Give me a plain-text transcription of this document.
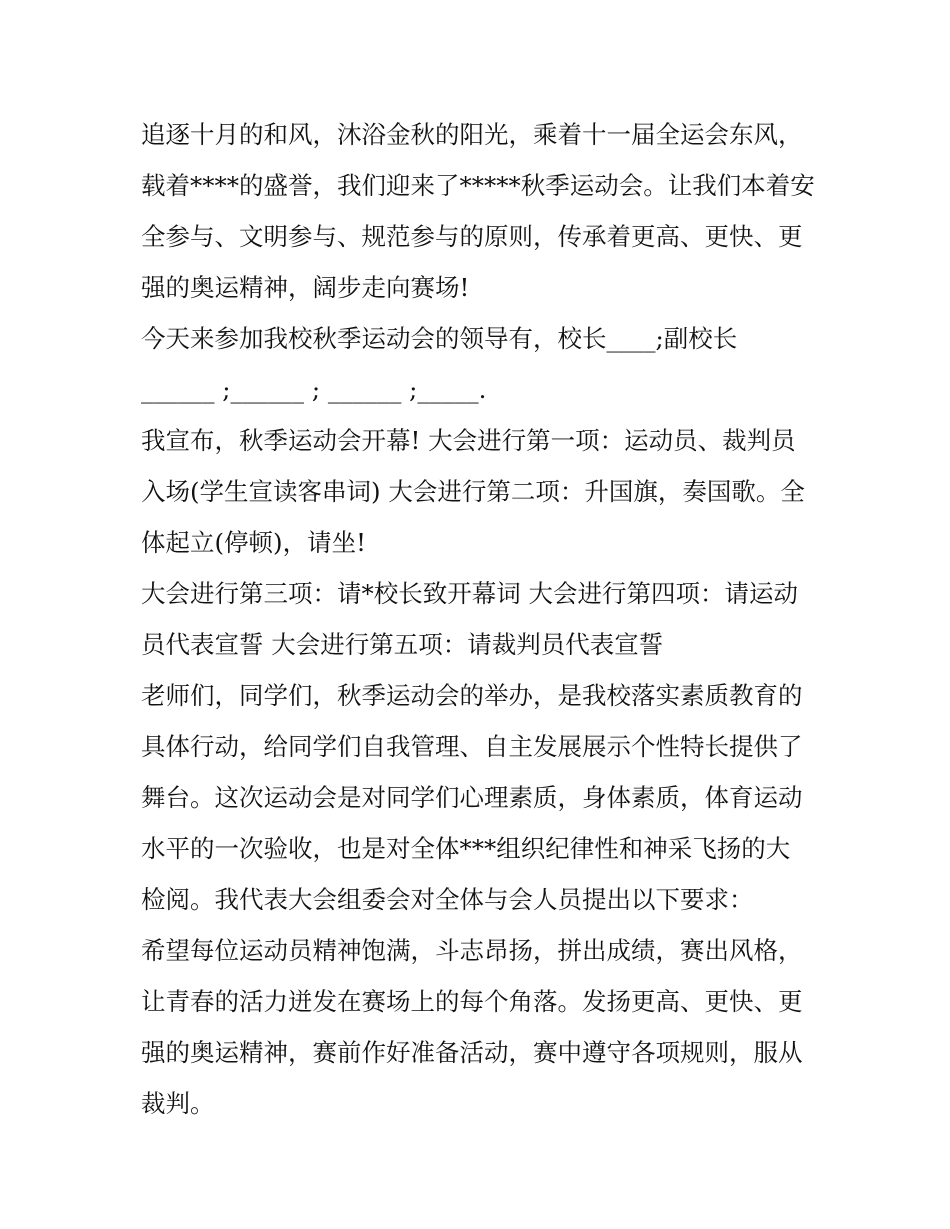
追逐十月的和风，沐浴金秋的阳光，乘着十一届全运会东风，
载着****的盛誉，我们迎来了*****秋季运动会。让我们本着安
全参与、文明参与、规范参与的原则，传承着更高、更快、更
强的奥运精神，阔步走向赛场!

今天来参加我校秋季运动会的领导有，校长____;副校长
______ ;______ ; ______ ;_____.

我宣布，秋季运动会开幕! 大会进行第一项：运动员、裁判员
入场(学生宣读客串词) 大会进行第二项：升国旗，奏国歌。全
体起立(停顿)，请坐!

大会进行第三项：请*校长致开幕词 大会进行第四项：请运动
员代表宣誓 大会进行第五项：请裁判员代表宣誓

老师们，同学们，秋季运动会的举办，是我校落实素质教育的
具体行动，给同学们自我管理、自主发展展示个性特长提供了
舞台。这次运动会是对同学们心理素质，身体素质，体育运动
水平的一次验收，也是对全体***组织纪律性和神采飞扬的大
检阅。我代表大会组委会对全体与会人员提出以下要求：

希望每位运动员精神饱满，斗志昂扬，拼出成绩，赛出风格，
让青春的活力迸发在赛场上的每个角落。发扬更高、更快、更
强的奥运精神，赛前作好准备活动，赛中遵守各项规则，服从
裁判。
